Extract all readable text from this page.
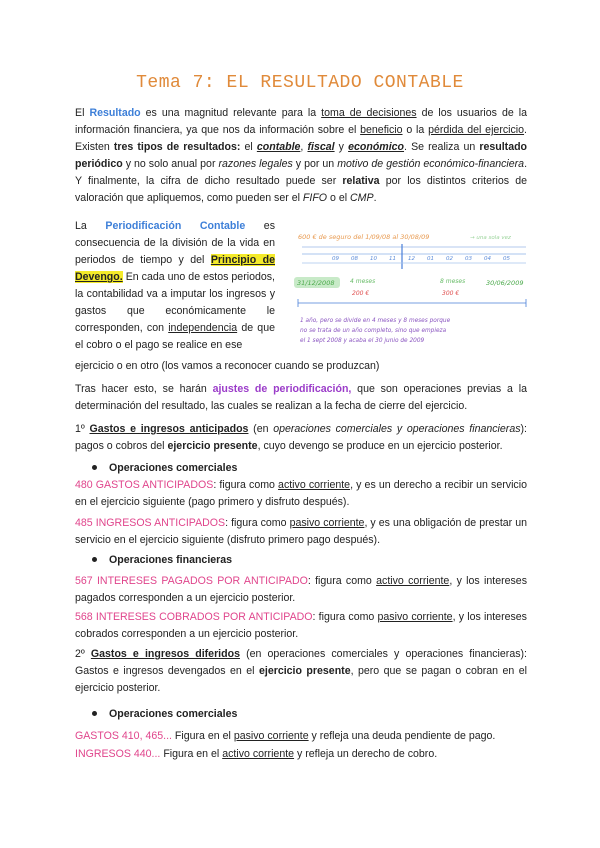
Tema 7: EL RESULTADO CONTABLE
El Resultado es una magnitud relevante para la toma de decisiones de los usuarios de la información financiera, ya que nos da información sobre el beneficio o la pérdida del ejercicio. Existen tres tipos de resultados: el contable, fiscal y económico. Se realiza un resultado periódico y no solo anual por razones legales y por un motivo de gestión económico-financiera. Y finalmente, la cifra de dicho resultado puede ser relativa por los distintos criterios de valoración que apliquemos, como pueden ser el FIFO o el CMP.
La Periodificación Contable es consecuencia de la división de la vida en periodos de tiempo y del Principio de Devengo. En cada uno de estos periodos, la contabilidad va a imputar los ingresos y gastos que económicamente le corresponden, con independencia de que el cobro o el pago se realice en ese
ejercicio o en otro (los vamos a reconocer cuando se produzcan)
600 € de seguro del 1/09/08 al 30/08/09	→ una sola vez
09 08 10 11 12 01 02 03 04 05
31/12/2008	4 meses
200 €
8 meses
300 €
30/06/2009
1 año, pero se divide en 4 meses y 8 meses porque
no se trata de un año completo, sino que empieza
el 1 sept 2008 y acaba el 30 junio de 2009
Tras hacer esto, se harán ajustes de periodificación, que son operaciones previas a la determinación del resultado, las cuales se realizan a la fecha de cierre del ejercicio.
1º Gastos e ingresos anticipados (en operaciones comerciales y operaciones financieras): pagos o cobros del ejercicio presente, cuyo devengo se produce en un ejercicio posterior.
Operaciones comerciales
480 GASTOS ANTICIPADOS: figura como activo corriente, y es un derecho a recibir un servicio en el ejercicio siguiente (pago primero y disfruto después).
485 INGRESOS ANTICIPADOS: figura como pasivo corriente, y es una obligación de prestar un servicio en el ejercicio siguiente (disfruto primero pago después).
Operaciones financieras
567 INTERESES PAGADOS POR ANTICIPADO: figura como activo corriente, y los intereses pagados corresponden a un ejercicio posterior.
568 INTERESES COBRADOS POR ANTICIPADO: figura como pasivo corriente, y los intereses cobrados corresponden a un ejercicio posterior.
2º Gastos e ingresos diferidos (en operaciones comerciales y operaciones financieras): Gastos e ingresos devengados en el ejercicio presente, pero que se pagan o cobran en el ejercicio posterior.
Operaciones comerciales
GASTOS 410, 465... Figura en el pasivo corriente y refleja una deuda pendiente de pago.
INGRESOS 440... Figura en el activo corriente y refleja un derecho de cobro.
